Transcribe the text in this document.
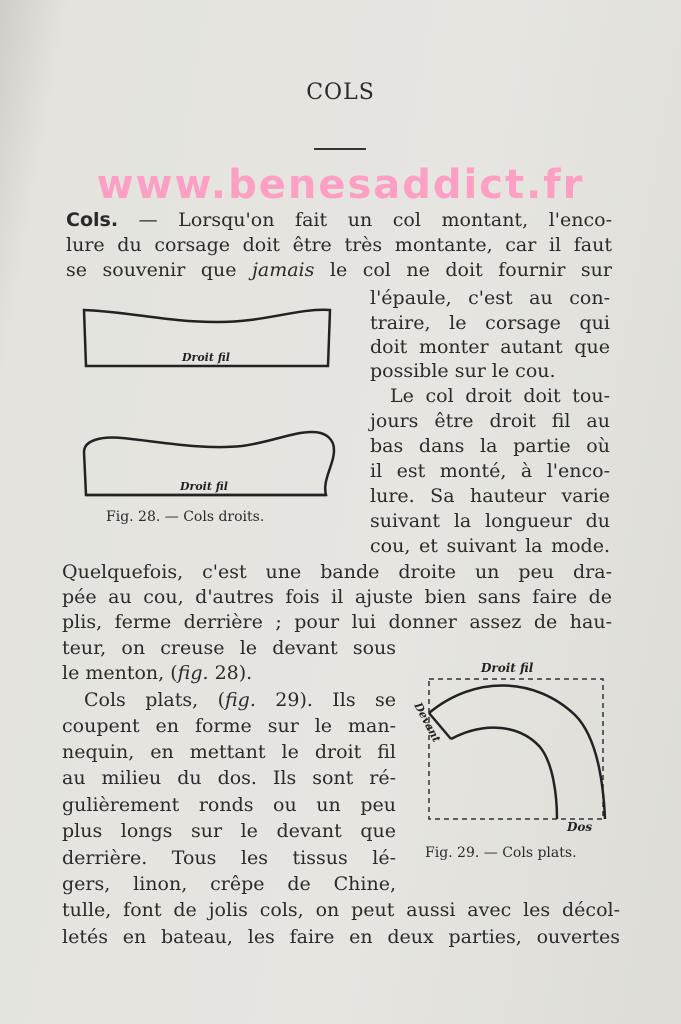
COLS
www.benesaddict.fr
Cols. — Lorsqu'on fait un col montant, l'enco-
lure du corsage doit être très montante, car il faut
se souvenir que jamais le col ne doit fournir sur
l'épaule, c'est au con-
traire, le corsage qui
doit monter autant que
possible sur le cou.
Le col droit doit tou-
jours être droit fil au
bas dans la partie où
il est monté, à l'enco-
lure. Sa hauteur varie
suivant la longueur du
cou, et suivant la mode.
Quelquefois, c'est une bande droite un peu dra-
pée au cou, d'autres fois il ajuste bien sans faire de
plis, ferme derrière ; pour lui donner assez de hau-
teur, on creuse le devant sous
le menton, (fig. 28).
Cols plats, (fig. 29). Ils se
coupent en forme sur le man-
nequin, en mettant le droit fil
au milieu du dos. Ils sont ré-
gulièrement ronds ou un peu
plus longs sur le devant que
derrière. Tous les tissus lé-
gers, linon, crêpe de Chine,
tulle, font de jolis cols, on peut aussi avec les décol-
letés en bateau, les faire en deux parties, ouvertes
Droit fil
Droit fil
Fig. 28. — Cols droits.
Droit fil
Devant
Dos
Fig. 29. — Cols plats.
